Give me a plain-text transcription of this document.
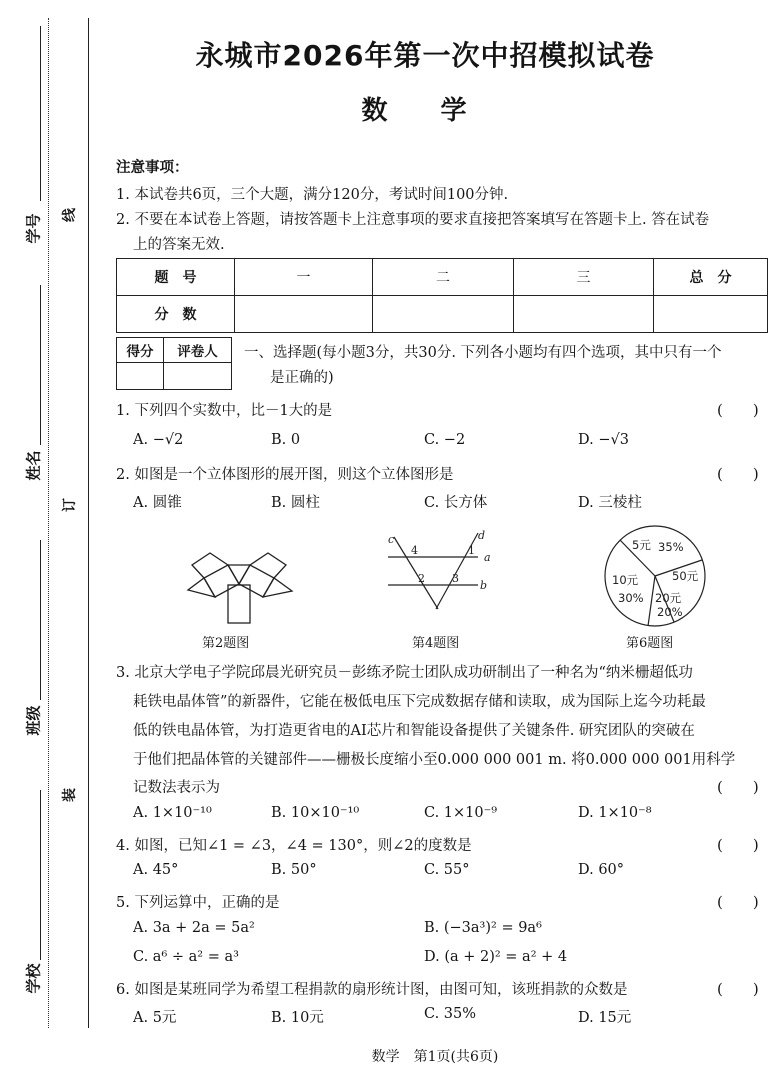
学号
姓名
班级
学校
线
订
装
永城市2026年第一次中招模拟试卷
数 学
注意事项：
1. 本试卷共6页，三个大题，满分120分，考试时间100分钟.
2. 不要在本试卷上答题，请按答题卡上注意事项的要求直接把答案填写在答题卡上. 答在试卷
上的答案无效.
题　号	一	二	三	总　分
分　数				
得分	评卷人
	一、选择题(每小题3分，共30分. 下列各小题均有四个选项，其中只有一个
是正确的)
1. 下列四个实数中，比－1大的是	(　　)
A. −√2	B. 0	C. −2	D. −√3
2. 如图是一个立体图形的展开图，则这个立体图形是	(　　)
A. 圆锥	B. 圆柱	C. 长方体	D. 三棱柱
第2题图
c	d
a
b
4	1
2 3
第4题图
5元 35%
50元
10元
30% 20元
20%
第6题图
3. 北京大学电子学院邱晨光研究员－彭练矛院士团队成功研制出了一种名为“纳米栅超低功
耗铁电晶体管”的新器件，它能在极低电压下完成数据存储和读取，成为国际上迄今功耗最
低的铁电晶体管，为打造更省电的AI芯片和智能设备提供了关键条件. 研究团队的突破在
于他们把晶体管的关键部件——栅极长度缩小至0.000 000 001 m. 将0.000 000 001用科学
记数法表示为	(　　)
A. 1×10⁻¹⁰	B. 10×10⁻¹⁰	C. 1×10⁻⁹	D. 1×10⁻⁸
4. 如图，已知∠1 = ∠3，∠4 = 130°，则∠2的度数是	(　　)
A. 45°	B. 50°	C. 55°	D. 60°
5. 下列运算中，正确的是	(　　)
A. 3a + 2a = 5a²	B. (−3a³)² = 9a⁶
C. a⁶ ÷ a² = a³	D. (a + 2)² = a² + 4
6. 如图是某班同学为希望工程捐款的扇形统计图，由图可知，该班捐款的众数是	(　　)
A. 5元	B. 10元	C. 35%	D. 15元
数学　第1页(共6页)
